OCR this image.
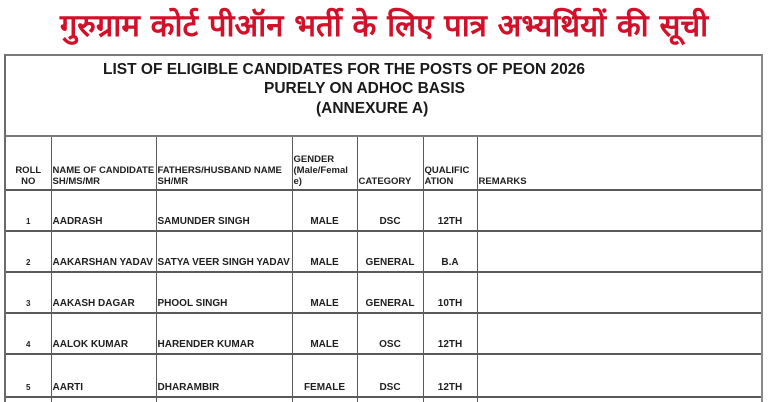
गुरुग्राम कोर्ट पीऑन भर्ती के लिए पात्र अभ्यर्थियों की सूची
LIST OF ELIGIBLE CANDIDATES FOR THE POSTS OF PEON 2026
PURELY ON ADHOC BASIS
(ANNEXURE A)
ROLL NO	NAME OF CANDIDATE SH/MS/MR	FATHERS/HUSBAND NAME SH/MR	GENDER (Male/Femal e)	CATEGORY	QUALIFIC ATION	REMARKS
1	AADRASH	SAMUNDER SINGH	MALE	DSC	12TH	
2	AAKARSHAN YADAV	SATYA VEER SINGH YADAV	MALE	GENERAL	B.A	
3	AAKASH DAGAR	PHOOL SINGH	MALE	GENERAL	10TH	
4	AALOK KUMAR	HARENDER KUMAR	MALE	OSC	12TH	
5	AARTI	DHARAMBIR	FEMALE	DSC	12TH	
